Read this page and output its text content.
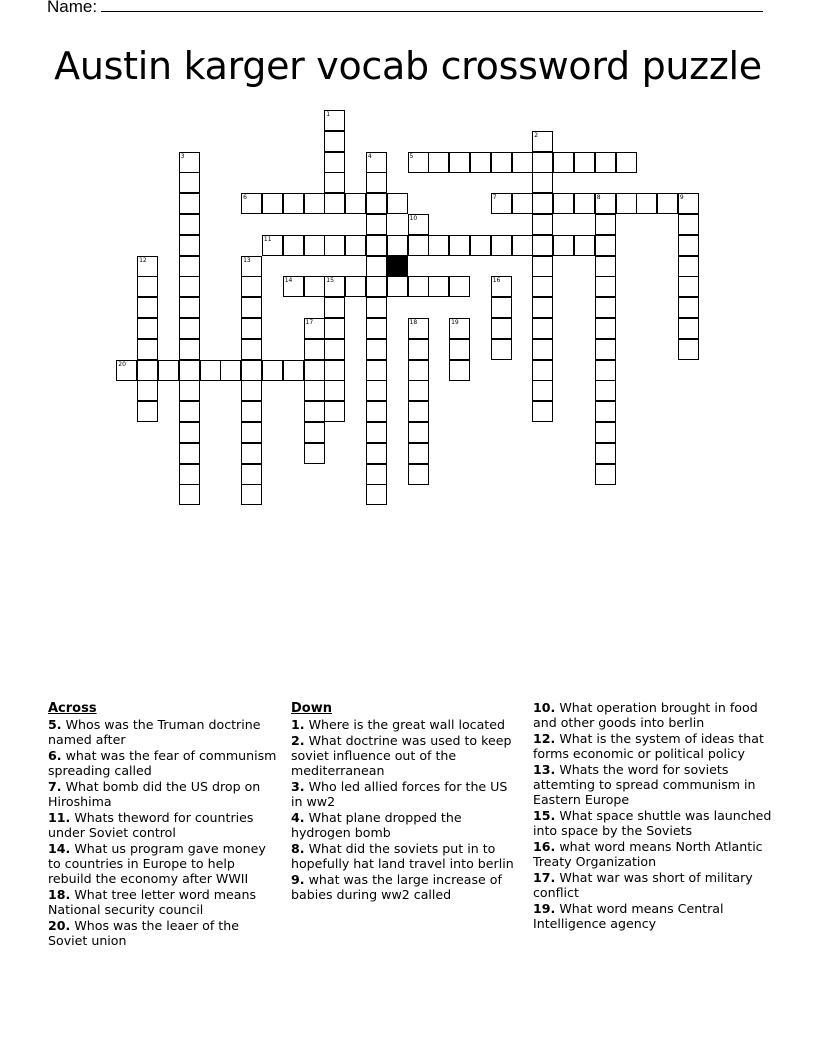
Name:
Austin karger vocab crossword puzzle
1
2
3	4	5
6	7	8	9
10
11
12	13
14	15	16
17	18	19
20
Across
5. Whos was the Truman doctrine named after
6. what was the fear of communism spreading called
7. What bomb did the US drop on Hiroshima
11. Whats theword for countries under Soviet control
14. What us program gave money to countries in Europe to help rebuild the economy after WWII
18. What tree letter word means National security council
20. Whos was the leaer of the Soviet union
Down
1. Where is the great wall located
2. What doctrine was used to keep soviet influence out of the mediterranean
3. Who led allied forces for the US in ww2
4. What plane dropped the hydrogen bomb
8. What did the soviets put in to hopefully hat land travel into berlin
9. what was the large increase of babies during ww2 called
10. What operation brought in food and other goods into berlin
12. What is the system of ideas that forms economic or political policy
13. Whats the word for soviets attemting to spread communism in Eastern Europe
15. What space shuttle was launched into space by the Soviets
16. what word means North Atlantic Treaty Organization
17. What war was short of military conflict
19. What word means Central Intelligence agency
